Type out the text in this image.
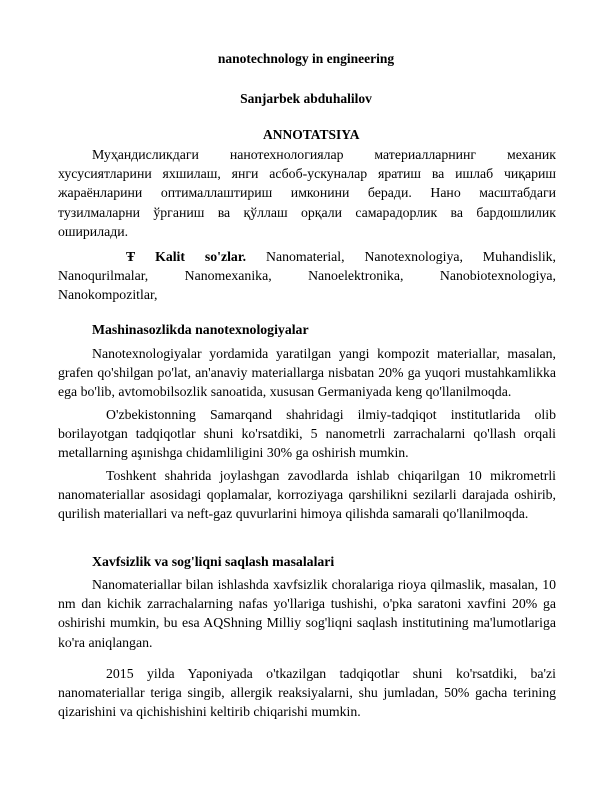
nanotechnology in engineering
Sanjarbek abduhalilov
ANNOTATSIYA

Муҳандисликдаги нанотехнологиялар материалларнинг механик хусусиятларини яхшилаш, янги асбоб-ускуналар яратиш ва ишлаб чиқариш жараёнларини оптималлаштириш имконини беради. Нано масштабдаги тузилмаларни ўрганиш ва қўллаш орқали самарадорлик ва бардошлилик оширилади.

Ŧ Kalit so'zlar. Nanomaterial, Nanotexnologiya, Muhandislik, Nanoqurilmalar, Nanomexanika, Nanoelektronika, Nanobiotexnologiya, Nanokompozitlar,

Mashinasozlikda nanotexnologiyalar

Nanotexnologiyalar yordamida yaratilgan yangi kompozit materiallar, masalan, grafen qo'shilgan po'lat, an'anaviy materiallarga nisbatan 20% ga yuqori mustahkamlikka ega bo'lib, avtomobilsozlik sanoatida, xususan Germaniyada keng qo'llanilmoqda.

O'zbekistonning Samarqand shahridagi ilmiy-tadqiqot institutlarida olib borilayotgan tadqiqotlar shuni ko'rsatdiki, 5 nanometrli zarrachalarni qo'llash orqali metallarning aşınishga chidamliligini 30% ga oshirish mumkin.

Toshkent shahrida joylashgan zavodlarda ishlab chiqarilgan 10 mikrometrli nanomateriallar asosidagi qoplamalar, korroziyaga qarshilikni sezilarli darajada oshirib, qurilish materiallari va neft-gaz quvurlarini himoya qilishda samarali qo'llanilmoqda.

Xavfsizlik va sog'liqni saqlash masalalari

Nanomateriallar bilan ishlashda xavfsizlik choralariga rioya qilmaslik, masalan, 10 nm dan kichik zarrachalarning nafas yo'llariga tushishi, o'pka saratoni xavfini 20% ga oshirishi mumkin, bu esa AQShning Milliy sog'liqni saqlash institutining ma'lumotlariga ko'ra aniqlangan.

2015 yilda Yaponiyada o'tkazilgan tadqiqotlar shuni ko'rsatdiki, ba'zi nanomateriallar teriga singib, allergik reaksiyalarni, shu jumladan, 50% gacha terining qizarishini va qichishishini keltirib chiqarishi mumkin.
